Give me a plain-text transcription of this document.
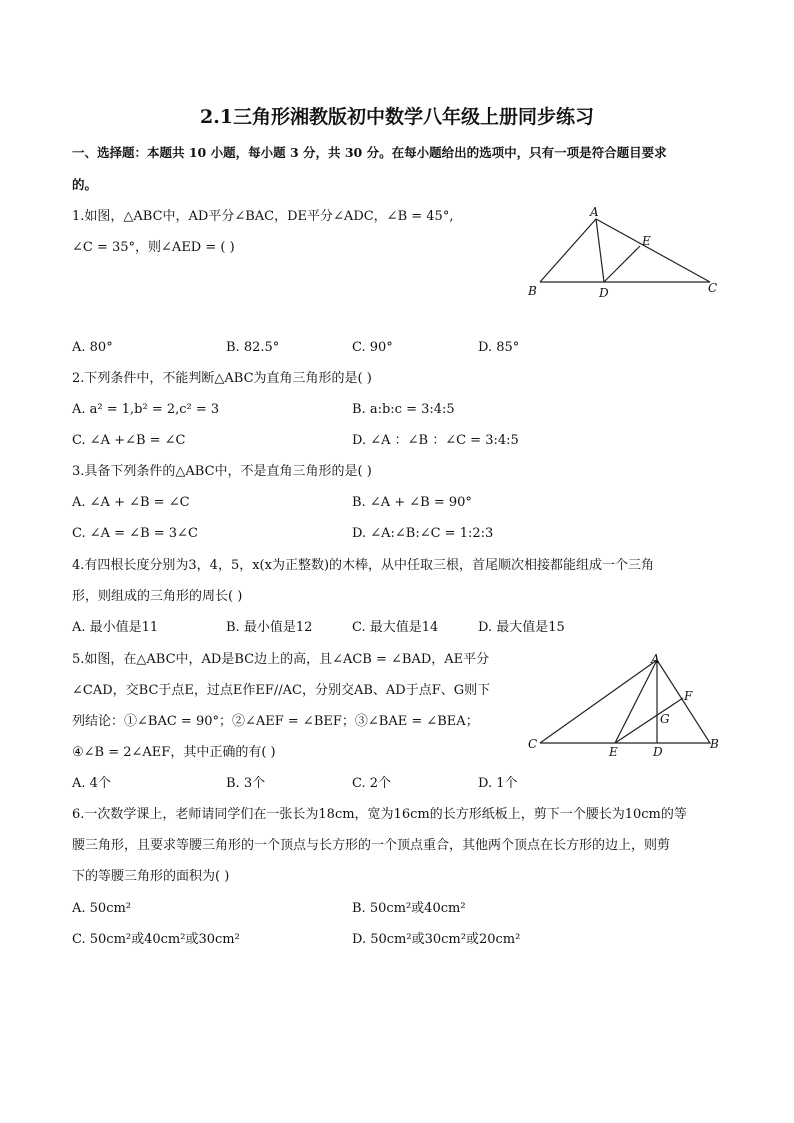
2.1三角形湘教版初中数学八年级上册同步练习
一、选择题：本题共 10 小题，每小题 3 分，共 30 分。在每小题给出的选项中，只有一项是符合题目要求
的。
1.如图，△ABC中，AD平分∠BAC，DE平分∠ADC，∠B = 45°,
∠C = 35°，则∠AED = ( )
A
B	C
D
E
A. 80°	B. 82.5°	C. 90°	D. 85°
2.下列条件中，不能判断△ABC为直角三角形的是( )
A. a² = 1,b² = 2,c² = 3	B. a:b:c = 3:4:5
C. ∠A +∠B = ∠C	D. ∠A ：∠B ：∠C = 3:4:5
3.具备下列条件的△ABC中，不是直角三角形的是( )
A. ∠A + ∠B = ∠C	B. ∠A + ∠B = 90°
C. ∠A = ∠B = 3∠C	D. ∠A:∠B:∠C = 1:2:3
4.有四根长度分别为3，4，5，x(x为正整数)的木棒，从中任取三根，首尾顺次相接都能组成一个三角
形，则组成的三角形的周长( )
A. 最小值是11	B. 最小值是12	C. 最大值是14	D. 最大值是15
5.如图，在△ABC中，AD是BC边上的高，且∠ACB = ∠BAD，AE平分
∠CAD，交BC于点E，过点E作EF//AC，分别交AB、AD于点F、G则下
列结论：①∠BAC = 90°；②∠AEF = ∠BEF；③∠BAE = ∠BEA；
④∠B = 2∠AEF，其中正确的有( )
A
B
C
D
E
F
G
A. 4个	B. 3个	C. 2个	D. 1个
6.一次数学课上，老师请同学们在一张长为18cm，宽为16cm的长方形纸板上，剪下一个腰长为10cm的等
腰三角形，且要求等腰三角形的一个顶点与长方形的一个顶点重合，其他两个顶点在长方形的边上，则剪
下的等腰三角形的面积为( )
A. 50cm²	B. 50cm²或40cm²
C. 50cm²或40cm²或30cm²	D. 50cm²或30cm²或20cm²
